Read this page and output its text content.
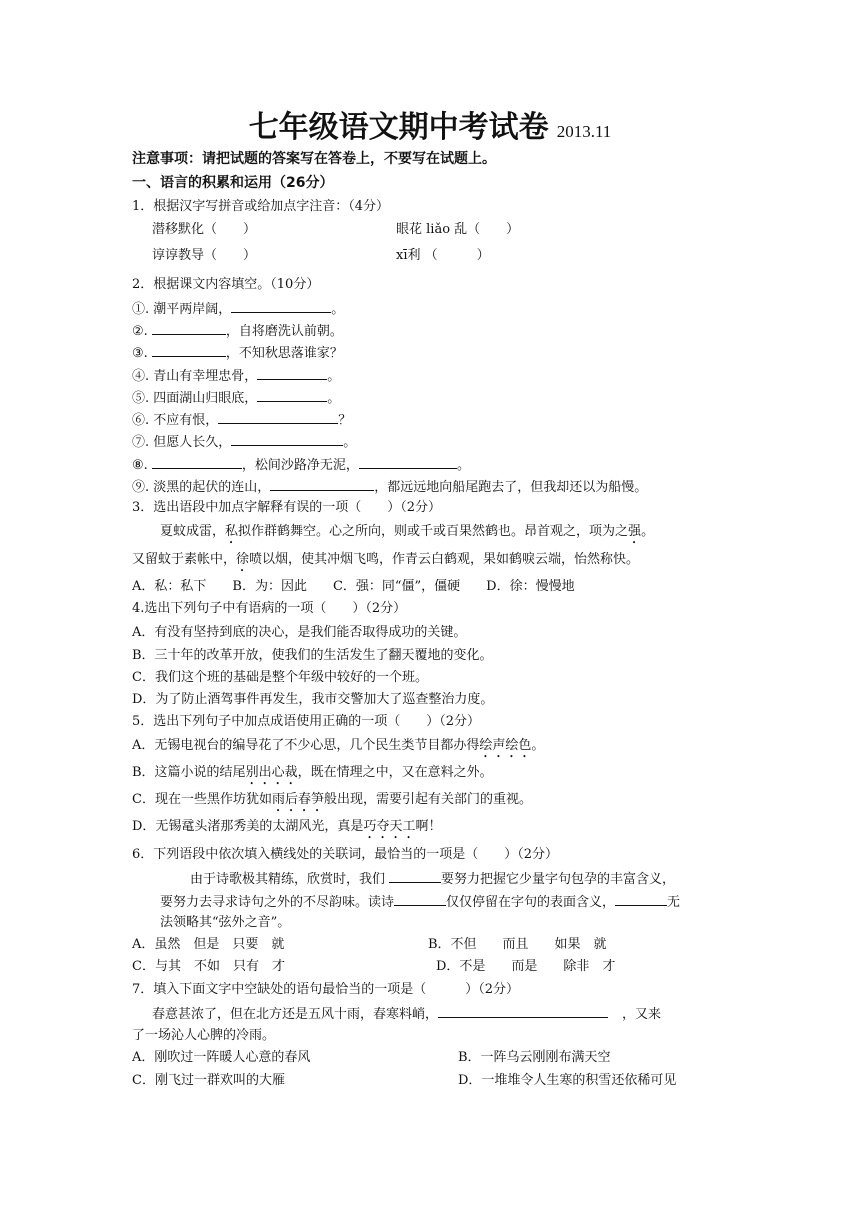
七年级语文期中考试卷 2013.11
注意事项：请把试题的答案写在答卷上，不要写在试题上。
一、语言的积累和运用（26分）
1．根据汉字写拼音或给加点字注音：（4分）
潜移默化（　　）	眼花 liǎo 乱（　　）
谆谆教导（　　）	xī利 （　　　）
2．根据课文内容填空。（10分）
①. 潮平两岸阔，	。
②.	，自将磨洗认前朝。
③.	，不知秋思落谁家？
④. 青山有幸埋忠骨，	。
⑤. 四面湖山归眼底，	。
⑥. 不应有恨，	？
⑦. 但愿人长久，	。
⑧.	，松间沙路净无泥，	。
⑨. 淡黑的起伏的连山，	，都远远地向船尾跑去了，但我却还以为船慢。
3．选出语段中加点字解释有误的一项（　　）（2分）
夏蚊成雷，私拟作群鹤舞空。心之所向，则或千或百果然鹤也。昂首观之，项为之强。
又留蚊于素帐中，徐喷以烟，使其冲烟飞鸣，作青云白鹤观，果如鹤唳云端，怡然称快。
A．私：私下　　B．为：因此　　C．强：同“僵”，僵硬　　D．徐：慢慢地
4.选出下列句子中有语病的一项（　　）（2分）
A．有没有坚持到底的决心，是我们能否取得成功的关键。
B．三十年的改革开放，使我们的生活发生了翻天覆地的变化。
C．我们这个班的基础是整个年级中较好的一个班。
D．为了防止酒驾事件再发生，我市交警加大了巡查整治力度。
5．选出下列句子中加点成语使用正确的一项（　　）（2分）
A．无锡电视台的编导花了不少心思，几个民生类节目都办得绘声绘色。
B．这篇小说的结尾别出心裁，既在情理之中，又在意料之外。
C．现在一些黑作坊犹如雨后春笋般出现，需要引起有关部门的重视。
D．无锡鼋头渚那秀美的太湖风光，真是巧夺天工啊！
6．下列语段中依次填入横线处的关联词，最恰当的一项是（　　）（2分）
由于诗歌极其精练，欣赏时，我们	要努力把握它少量字句包孕的丰富含义，
要努力去寻求诗句之外的不尽韵味。读诗	仅仅停留在字句的表面含义，	无
法领略其“弦外之音”。
A．虽然　但是　只要　就	B．不但　　而且　　如果　就
C．与其　不如　只有　才	D．不是　　而是　　除非　才
7．填入下面文字中空缺处的语句最恰当的一项是（　　　）（2分）
春意甚浓了，但在北方还是五风十雨，春寒料峭，	，又来
了一场沁人心脾的冷雨。
A．刚吹过一阵暖人心意的春风	B．一阵乌云刚刚布满天空
C．刚飞过一群欢叫的大雁	D．一堆堆令人生寒的积雪还依稀可见
